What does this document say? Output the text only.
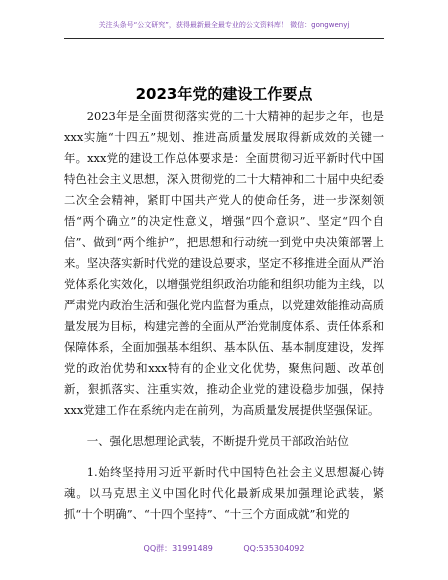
关注头条号“公文研究”，获得最新最全最专业的公文资料库！ 微信：gongwenyj
2023年党的建设工作要点

2023年是全面贯彻落实党的二十大精神的起步之年，也是xxx实施“十四五”规划、推进高质量发展取得新成效的关键一年。xxx党的建设工作总体要求是：全面贯彻习近平新时代中国特色社会主义思想，深入贯彻党的二十大精神和二十届中央纪委二次全会精神，紧盯中国共产党人的使命任务，进一步深刻领悟“两个确立”的决定性意义，增强“四个意识”、坚定“四个自信”、做到“两个维护”，把思想和行动统一到党中央决策部署上来。坚决落实新时代党的建设总要求，坚定不移推进全面从严治党体系化实效化，以增强党组织政治功能和组织功能为主线，以严肃党内政治生活和强化党内监督为重点，以党建效能推动高质量发展为目标，构建完善的全面从严治党制度体系、责任体系和保障体系，全面加强基本组织、基本队伍、基本制度建设，发挥党的政治优势和xxx特有的企业文化优势，聚焦问题、改革创新，狠抓落实、注重实效，推动企业党的建设稳步加强，保持xxx党建工作在系统内走在前列，为高质量发展提供坚强保证。

一、强化思想理论武装，不断提升党员干部政治站位

1.始终坚持用习近平新时代中国特色社会主义思想凝心铸魂。以马克思主义中国化时代化最新成果加强理论武装，紧抓“十个明确”、“十四个坚持”、“十三个方面成就”和党的

QQ群：31991489	QQ:535304092
